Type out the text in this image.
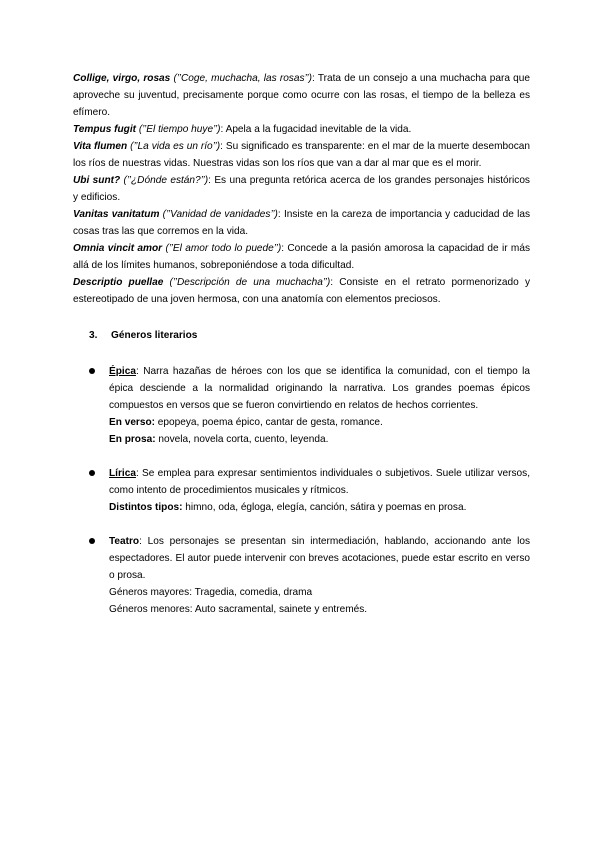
Collige, virgo, rosas (’’Coge, muchacha, las rosas’’): Trata de un consejo a una muchacha para que aproveche su juventud, precisamente porque como ocurre con las rosas, el tiempo de la belleza es efímero.

Tempus fugit (’’El tiempo huye’’): Apela a la fugacidad inevitable de la vida.

Vita flumen (’’La vida es un río’’): Su significado es transparente: en el mar de la muerte desembocan los ríos de nuestras vidas. Nuestras vidas son los ríos que van a dar al mar que es el morir.

Ubi sunt? (’’¿Dónde están?’’): Es una pregunta retórica acerca de los grandes personajes históricos y edificios.

Vanitas vanitatum (’’Vanidad de vanidades’’): Insiste en la careza de importancia y caducidad de las cosas tras las que corremos en la vida.

Omnia vincit amor (’’El amor todo lo puede’’): Concede a la pasión amorosa la capacidad de ir más allá de los límites humanos, sobreponiéndose a toda dificultad.

Descriptio puellae (’’Descripción de una muchacha’’): Consiste en el retrato pormenorizado y estereotipado de una joven hermosa, con una anatomía con elementos preciosos.

3. Géneros literarios
Épica: Narra hazañas de héroes con los que se identifica la comunidad, con el tiempo la épica desciende a la normalidad originando la narrativa. Los grandes poemas épicos compuestos en versos que se fueron convirtiendo en relatos de hechos corrientes.
En verso: epopeya, poema épico, cantar de gesta, romance.
En prosa: novela, novela corta, cuento, leyenda.
Lírica: Se emplea para expresar sentimientos individuales o subjetivos. Suele utilizar versos, como intento de procedimientos musicales y rítmicos.
Distintos tipos: himno, oda, égloga, elegía, canción, sátira y poemas en prosa.
Teatro: Los personajes se presentan sin intermediación, hablando, accionando ante los espectadores. El autor puede intervenir con breves acotaciones, puede estar escrito en verso o prosa.
Géneros mayores: Tragedia, comedia, drama
Géneros menores: Auto sacramental, sainete y entremés.
